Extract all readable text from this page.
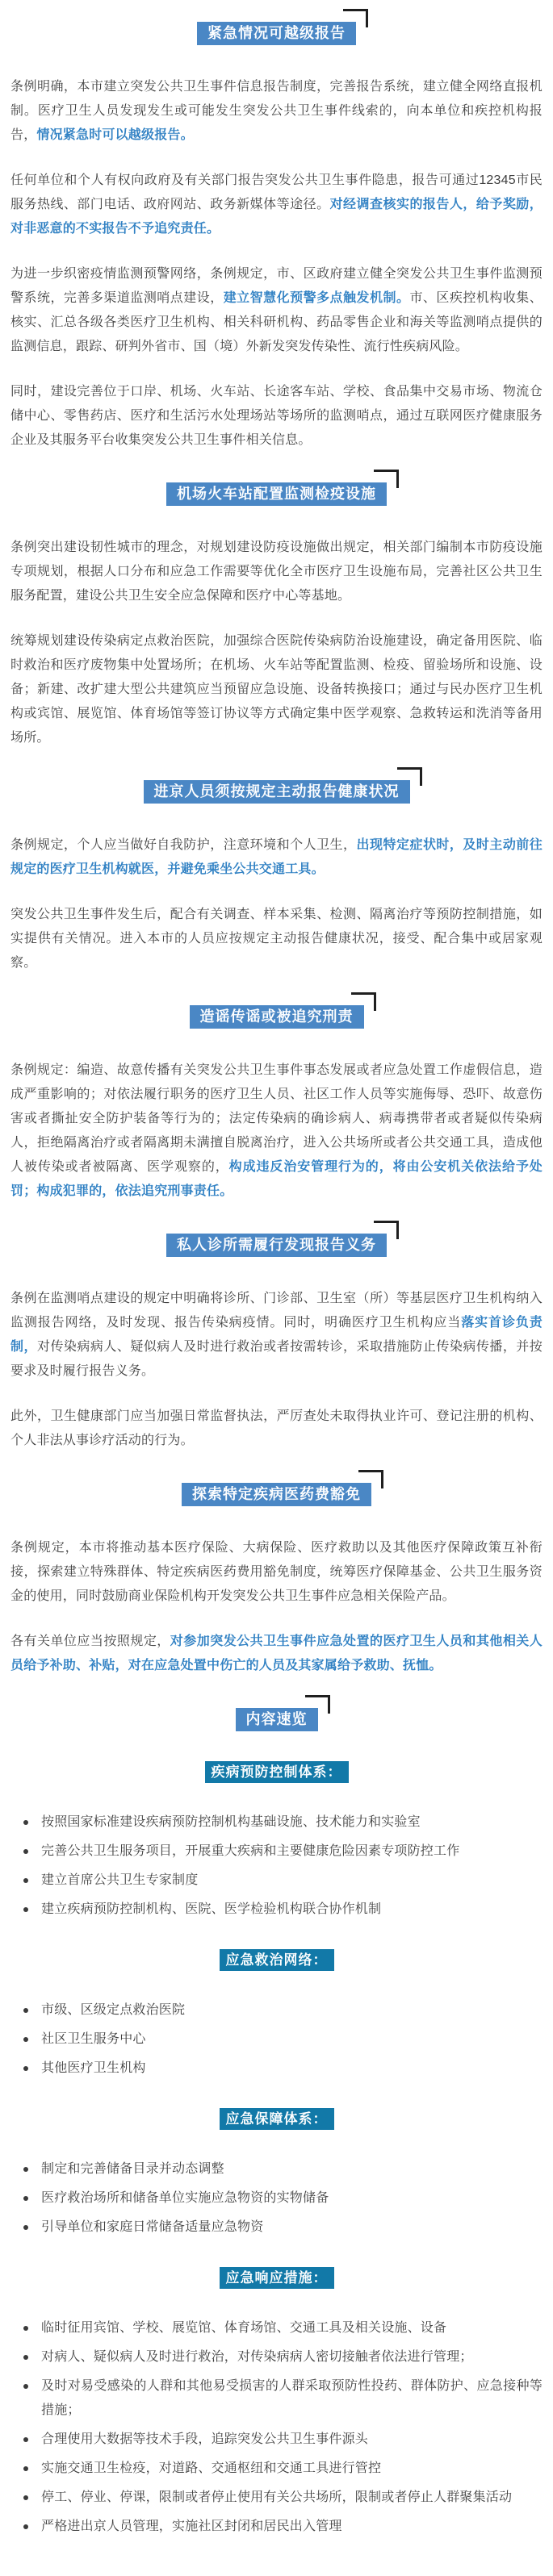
紧急情况可越级报告

条例明确，本市建立突发公共卫生事件信息报告制度，完善报告系统，建立健全网络直报机制。医疗卫生人员发现发生或可能发生突发公共卫生事件线索的，向本单位和疾控机构报告，情况紧急时可以越级报告。

任何单位和个人有权向政府及有关部门报告突发公共卫生事件隐患，报告可通过12345市民服务热线、部门电话、政府网站、政务新媒体等途径。对经调查核实的报告人，给予奖励，对非恶意的不实报告不予追究责任。

为进一步织密疫情监测预警网络，条例规定，市、区政府建立健全突发公共卫生事件监测预警系统，完善多渠道监测哨点建设，建立智慧化预警多点触发机制。市、区疾控机构收集、核实、汇总各级各类医疗卫生机构、相关科研机构、药品零售企业和海关等监测哨点提供的监测信息，跟踪、研判外省市、国（境）外新发突发传染性、流行性疾病风险。

同时，建设完善位于口岸、机场、火车站、长途客车站、学校、食品集中交易市场、物流仓储中心、零售药店、医疗和生活污水处理场站等场所的监测哨点，通过互联网医疗健康服务企业及其服务平台收集突发公共卫生事件相关信息。

机场火车站配置监测检疫设施

条例突出建设韧性城市的理念，对规划建设防疫设施做出规定，相关部门编制本市防疫设施专项规划，根据人口分布和应急工作需要等优化全市医疗卫生设施布局，完善社区公共卫生服务配置，建设公共卫生安全应急保障和医疗中心等基地。

统筹规划建设传染病定点救治医院，加强综合医院传染病防治设施建设，确定备用医院、临时救治和医疗废物集中处置场所；在机场、火车站等配置监测、检疫、留验场所和设施、设备；新建、改扩建大型公共建筑应当预留应急设施、设备转换接口；通过与民办医疗卫生机构或宾馆、展览馆、体育场馆等签订协议等方式确定集中医学观察、急救转运和洗消等备用场所。

进京人员须按规定主动报告健康状况

条例规定，个人应当做好自我防护，注意环境和个人卫生，出现特定症状时，及时主动前往规定的医疗卫生机构就医，并避免乘坐公共交通工具。

突发公共卫生事件发生后，配合有关调查、样本采集、检测、隔离治疗等预防控制措施，如实提供有关情况。进入本市的人员应按规定主动报告健康状况，接受、配合集中或居家观察。

造谣传谣或被追究刑责

条例规定：编造、故意传播有关突发公共卫生事件事态发展或者应急处置工作虚假信息，造成严重影响的；对依法履行职务的医疗卫生人员、社区工作人员等实施侮辱、恐吓、故意伤害或者撕扯安全防护装备等行为的；法定传染病的确诊病人、病毒携带者或者疑似传染病人，拒绝隔离治疗或者隔离期未满擅自脱离治疗，进入公共场所或者公共交通工具，造成他人被传染或者被隔离、医学观察的，构成违反治安管理行为的，将由公安机关依法给予处罚；构成犯罪的，依法追究刑事责任。

私人诊所需履行发现报告义务

条例在监测哨点建设的规定中明确将诊所、门诊部、卫生室（所）等基层医疗卫生机构纳入监测报告网络，及时发现、报告传染病疫情。同时，明确医疗卫生机构应当落实首诊负责制，对传染病病人、疑似病人及时进行救治或者按需转诊，采取措施防止传染病传播，并按要求及时履行报告义务。

此外，卫生健康部门应当加强日常监督执法，严厉查处未取得执业许可、登记注册的机构、个人非法从事诊疗活动的行为。

探索特定疾病医药费豁免

条例规定，本市将推动基本医疗保险、大病保险、医疗救助以及其他医疗保障政策互补衔接，探索建立特殊群体、特定疾病医药费用豁免制度，统筹医疗保障基金、公共卫生服务资金的使用，同时鼓励商业保险机构开发突发公共卫生事件应急相关保险产品。

各有关单位应当按照规定，对参加突发公共卫生事件应急处置的医疗卫生人员和其他相关人员给予补助、补贴，对在应急处置中伤亡的人员及其家属给予救助、抚恤。

内容速览
疾病预防控制体系：
按照国家标准建设疾病预防控制机构基础设施、技术能力和实验室
完善公共卫生服务项目，开展重大疾病和主要健康危险因素专项防控工作
建立首席公共卫生专家制度
建立疾病预防控制机构、医院、医学检验机构联合协作机制
应急救治网络：
市级、区级定点救治医院
社区卫生服务中心
其他医疗卫生机构
应急保障体系：
制定和完善储备目录并动态调整
医疗救治场所和储备单位实施应急物资的实物储备
引导单位和家庭日常储备适量应急物资
应急响应措施：
临时征用宾馆、学校、展览馆、体育场馆、交通工具及相关设施、设备
对病人、疑似病人及时进行救治，对传染病病人密切接触者依法进行管理；
及时对易受感染的人群和其他易受损害的人群采取预防性投药、群体防护、应急接种等措施；
合理使用大数据等技术手段，追踪突发公共卫生事件源头
实施交通卫生检疫，对道路、交通枢纽和交通工具进行管控
停工、停业、停课，限制或者停止使用有关公共场所，限制或者停止人群聚集活动
严格进出京人员管理，实施社区封闭和居民出入管理
